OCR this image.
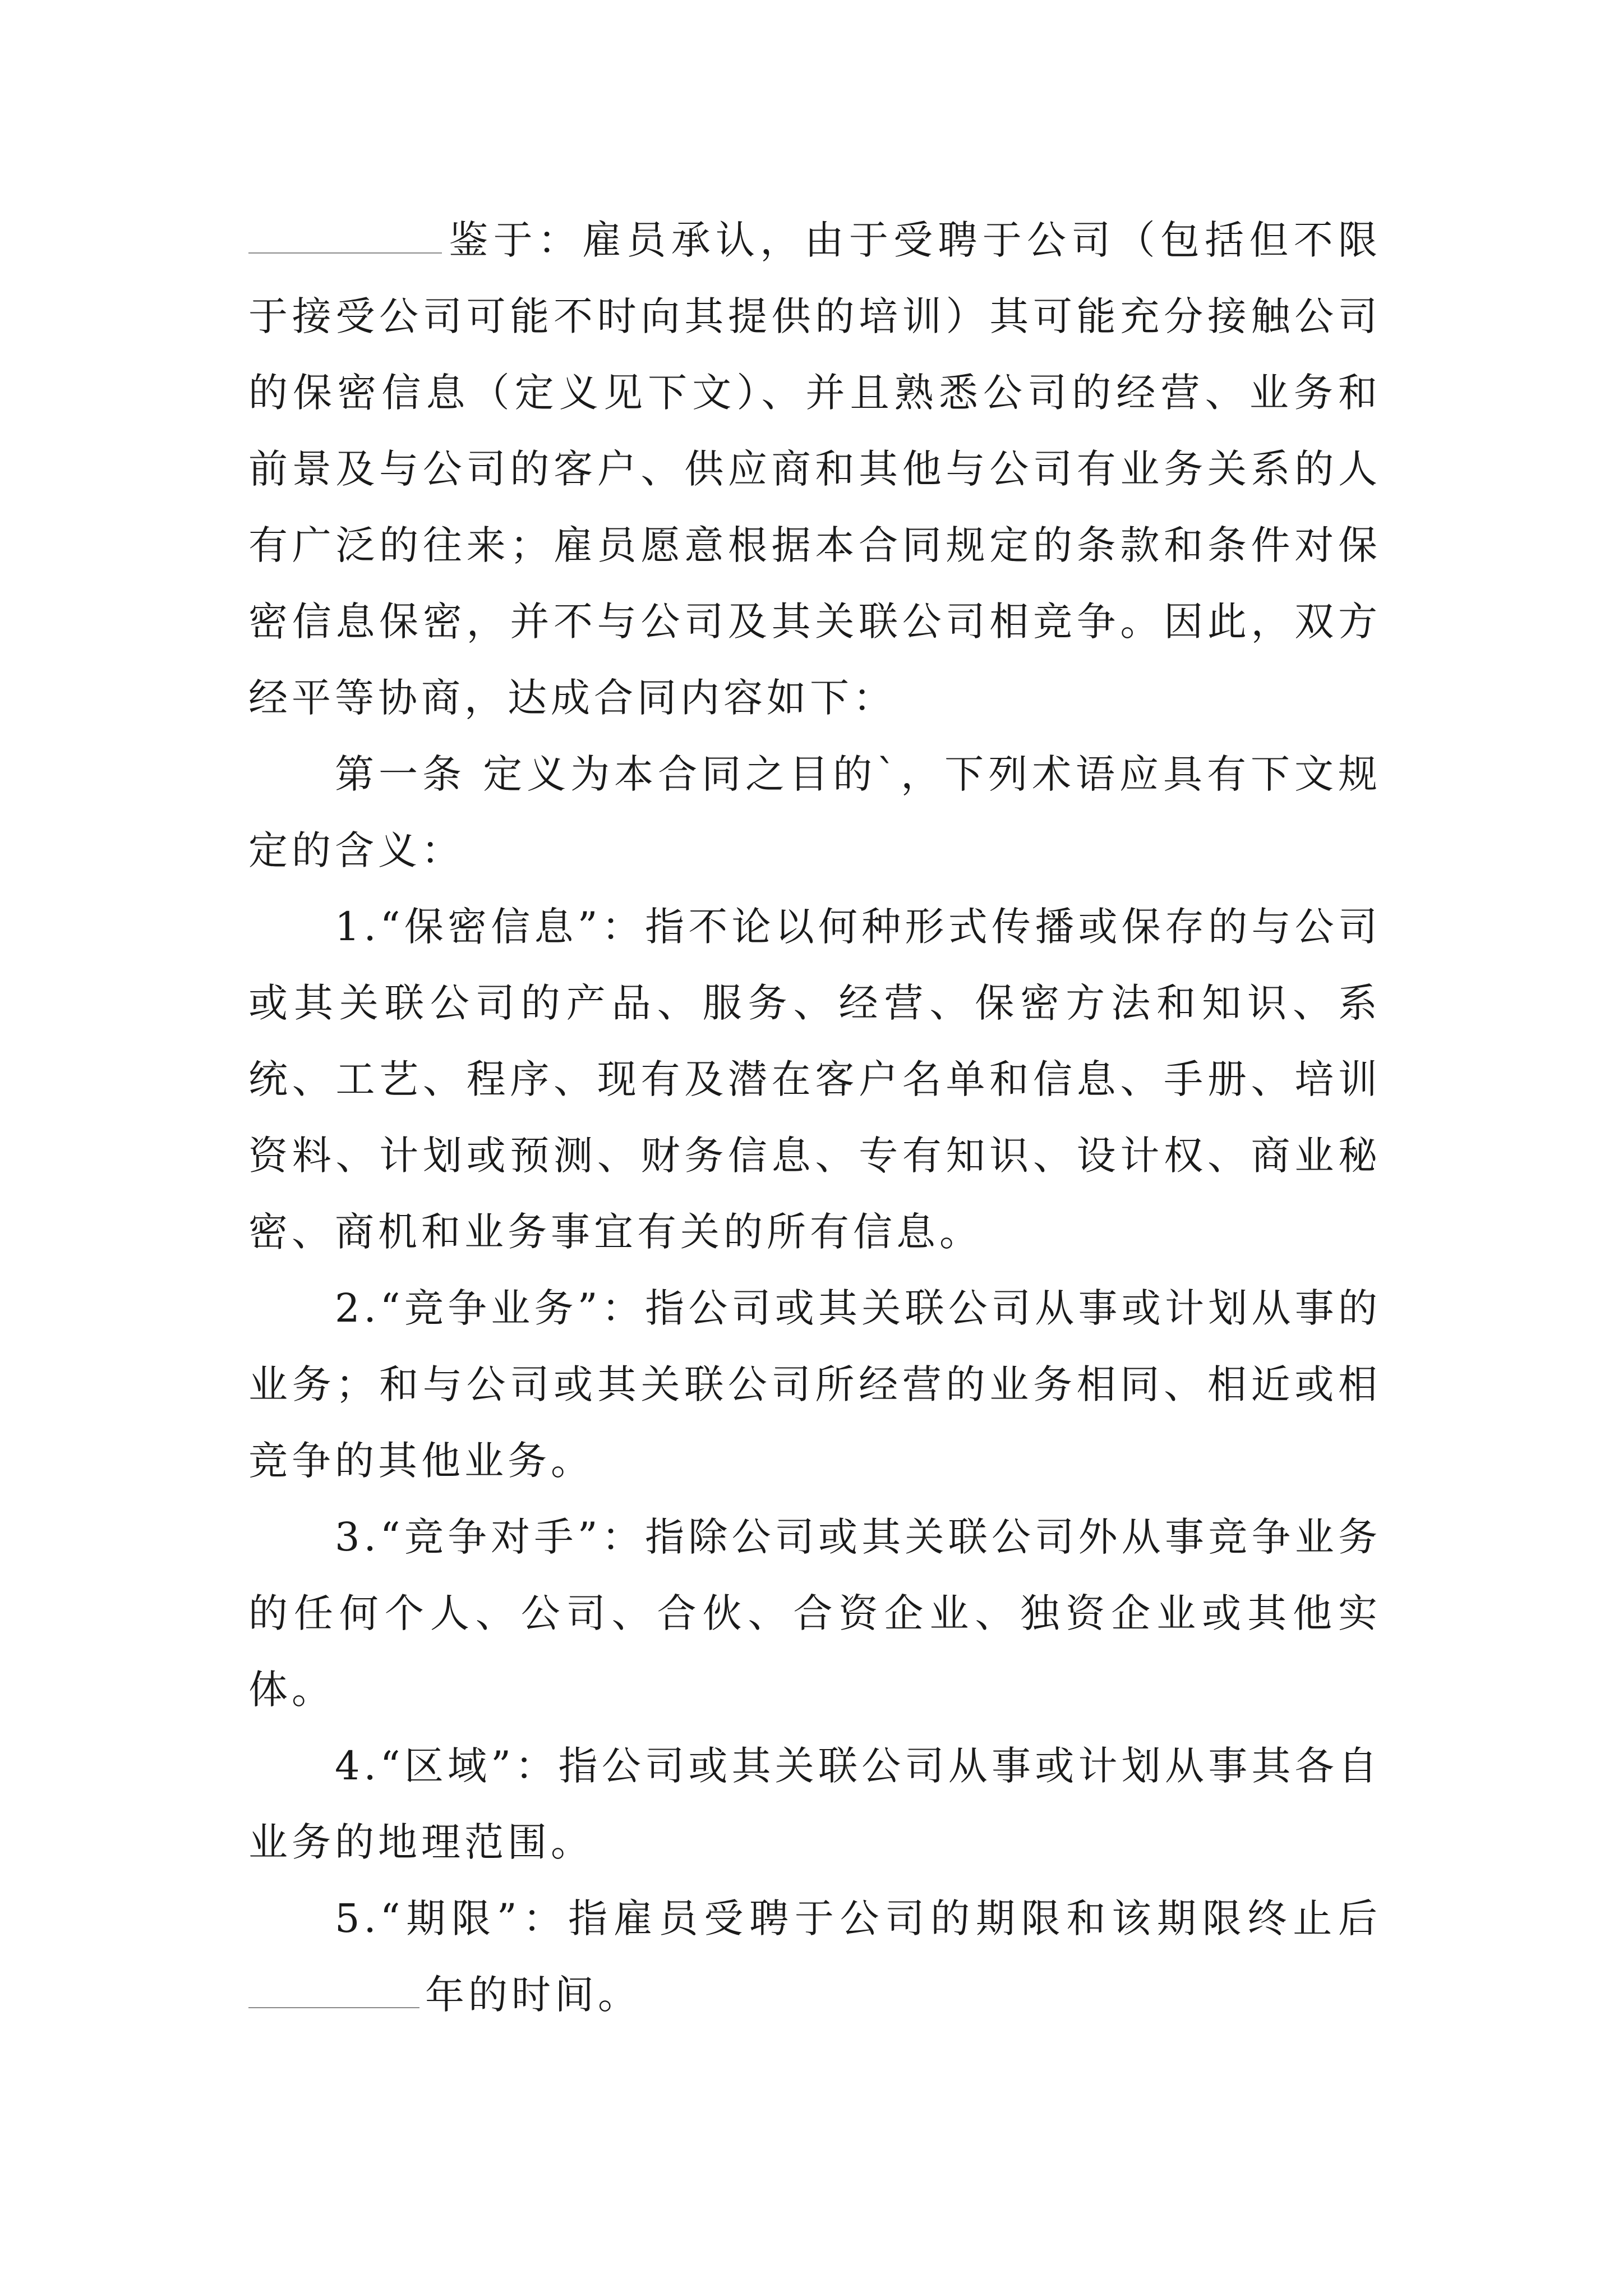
鉴于：雇员承认，由于受聘于公司（包括但不限于接受公司可能不时向其提供的培训）其可能充分接触公司的保密信息（定义见下文）、并且熟悉公司的经营、业务和前景及与公司的客户、供应商和其他与公司有业务关系的人有广泛的往来；雇员愿意根据本合同规定的条款和条件对保密信息保密，并不与公司及其关联公司相竞争。因此，双方经平等协商，达成合同内容如下：

第一条 定义为本合同之目的`，下列术语应具有下文规定的含义：

1.“保密信息”：指不论以何种形式传播或保存的与公司或其关联公司的产品、服务、经营、保密方法和知识、系统、工艺、程序、现有及潜在客户名单和信息、手册、培训资料、计划或预测、财务信息、专有知识、设计权、商业秘密、商机和业务事宜有关的所有信息。

2.“竞争业务”：指公司或其关联公司从事或计划从事的业务；和与公司或其关联公司所经营的业务相同、相近或相竞争的其他业务。

3.“竞争对手”：指除公司或其关联公司外从事竞争业务的任何个人、公司、合伙、合资企业、独资企业或其他实体。

4.“区域”：指公司或其关联公司从事或计划从事其各自业务的地理范围。

5.“期限”：指雇员受聘于公司的期限和该期限终止后年的时间。
